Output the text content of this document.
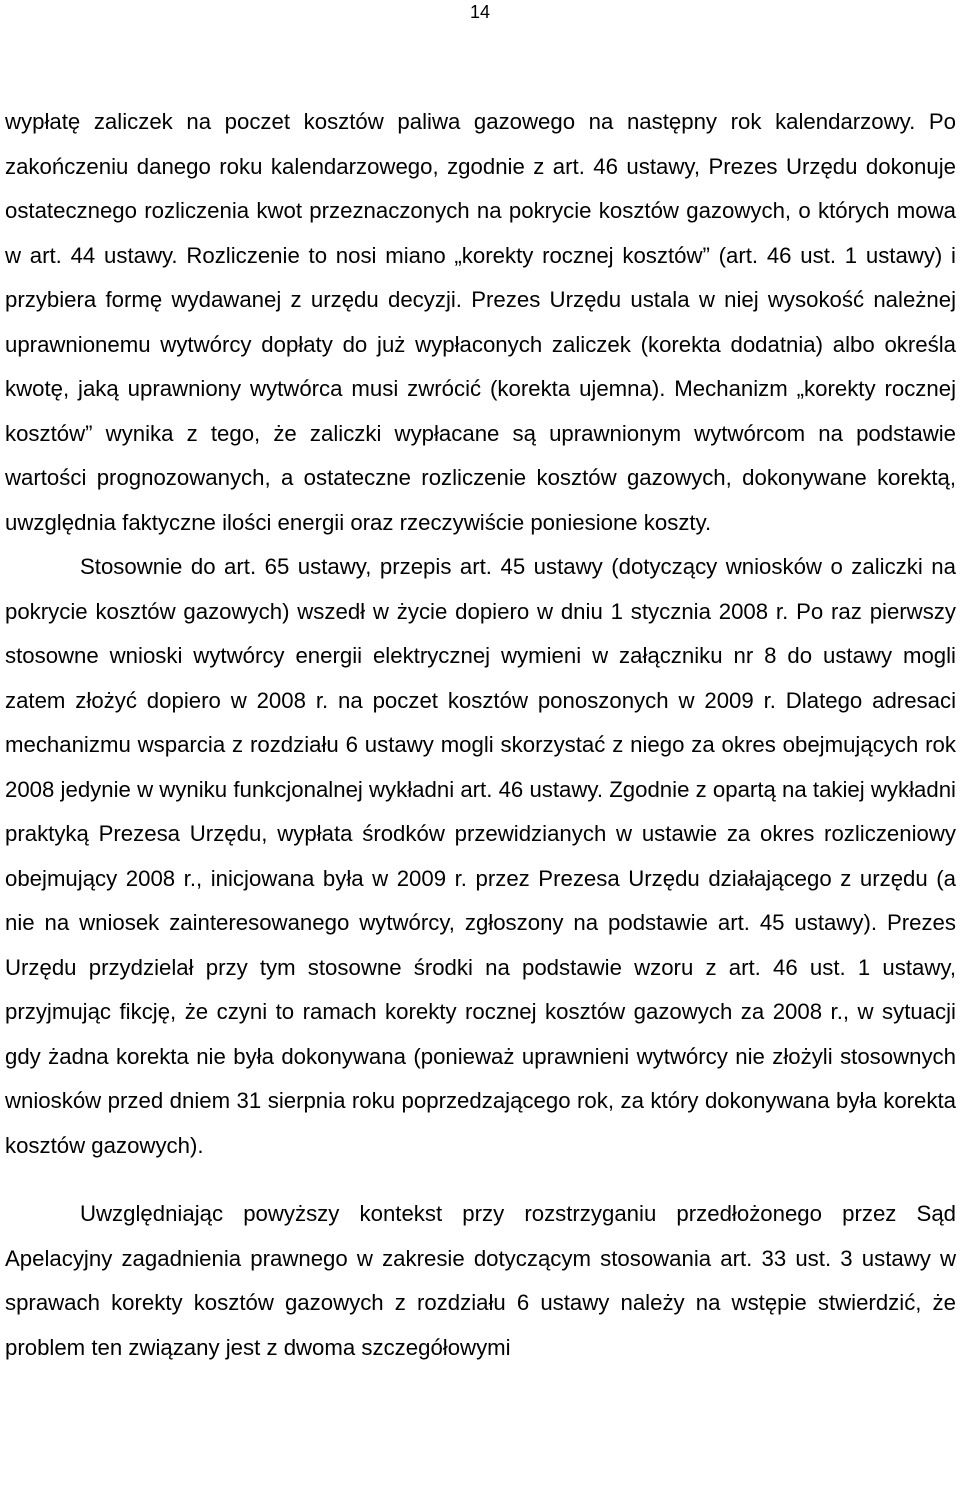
14

wypłatę zaliczek na poczet kosztów paliwa gazowego na następny rok kalendarzowy. Po zakończeniu danego roku kalendarzowego, zgodnie z art. 46 ustawy, Prezes Urzędu dokonuje ostatecznego rozliczenia kwot przeznaczonych na pokrycie kosztów gazowych, o których mowa w art. 44 ustawy. Rozliczenie to nosi miano „korekty rocznej kosztów” (art. 46 ust. 1 ustawy) i przybiera formę wydawanej z urzędu decyzji. Prezes Urzędu ustala w niej wysokość należnej uprawnionemu wytwórcy dopłaty do już wypłaconych zaliczek (korekta dodatnia) albo określa kwotę, jaką uprawniony wytwórca musi zwrócić (korekta ujemna). Mechanizm „korekty rocznej kosztów” wynika z tego, że zaliczki wypłacane są uprawnionym wytwórcom na podstawie wartości prognozowanych, a ostateczne rozliczenie kosztów gazowych, dokonywane korektą, uwzględnia faktyczne ilości energii oraz rzeczywiście poniesione koszty.

Stosownie do art. 65 ustawy, przepis art. 45 ustawy (dotyczący wniosków o zaliczki na pokrycie kosztów gazowych) wszedł w życie dopiero w dniu 1 stycznia 2008 r. Po raz pierwszy stosowne wnioski wytwórcy energii elektrycznej wymieni w załączniku nr 8 do ustawy mogli zatem złożyć dopiero w 2008 r. na poczet kosztów ponoszonych w 2009 r. Dlatego adresaci mechanizmu wsparcia z rozdziału 6 ustawy mogli skorzystać z niego za okres obejmujących rok 2008 jedynie w wyniku funkcjonalnej wykładni art. 46 ustawy. Zgodnie z opartą na takiej wykładni praktyką Prezesa Urzędu, wypłata środków przewidzianych w ustawie za okres rozliczeniowy obejmujący 2008 r., inicjowana była w 2009 r. przez Prezesa Urzędu działającego z urzędu (a nie na wniosek zainteresowanego wytwórcy, zgłoszony na podstawie art. 45 ustawy). Prezes Urzędu przydzielał przy tym stosowne środki na podstawie wzoru z art. 46 ust. 1 ustawy, przyjmując fikcję, że czyni to ramach korekty rocznej kosztów gazowych za 2008 r., w sytuacji gdy żadna korekta nie była dokonywana (ponieważ uprawnieni wytwórcy nie złożyli stosownych wniosków przed dniem 31 sierpnia roku poprzedzającego rok, za który dokonywana była korekta kosztów gazowych).

Uwzględniając powyższy kontekst przy rozstrzyganiu przedłożonego przez Sąd Apelacyjny zagadnienia prawnego w zakresie dotyczącym stosowania art. 33 ust. 3 ustawy w sprawach korekty kosztów gazowych z rozdziału 6 ustawy należy na wstępie stwierdzić, że problem ten związany jest z dwoma szczegółowymi
